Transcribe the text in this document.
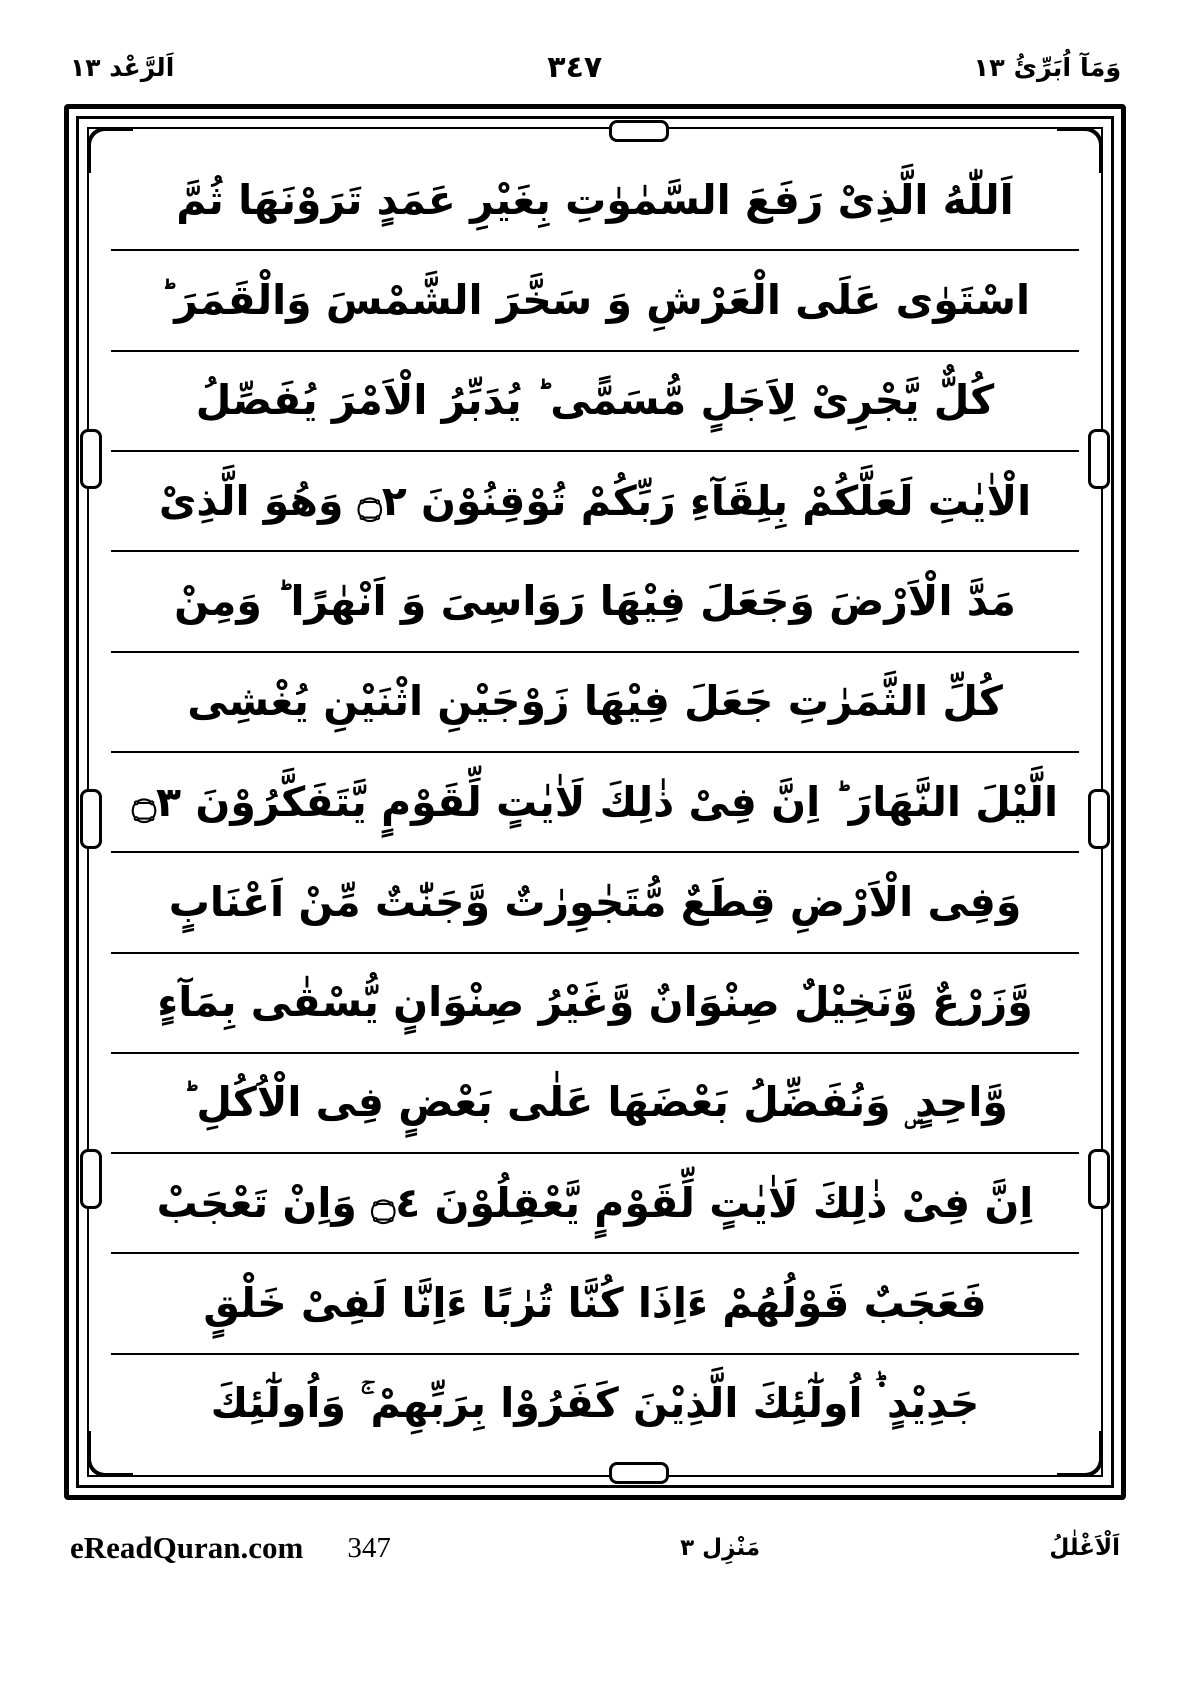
وَمَآ اُبَرِّئُ ١٣
٣٤٧
اَلرَّعْد ١٣
اَللّٰهُ الَّذِىْ رَفَعَ السَّمٰوٰتِ بِغَيْرِ عَمَدٍ تَرَوْنَهَا ثُمَّ
اسْتَوٰى عَلَى الْعَرْشِ وَ سَخَّرَ الشَّمْسَ وَالْقَمَرَ ؕ
كُلٌّ يَّجْرِىْ لِاَجَلٍ مُّسَمًّى ؕ يُدَبِّرُ الْاَمْرَ يُفَصِّلُ
الْاٰيٰتِ لَعَلَّكُمْ بِلِقَآءِ رَبِّكُمْ تُوْقِنُوْنَ ۝٢ وَهُوَ الَّذِىْ
مَدَّ الْاَرْضَ وَجَعَلَ فِيْهَا رَوَاسِىَ وَ اَنْهٰرًا ؕ وَمِنْ
كُلِّ الثَّمَرٰتِ جَعَلَ فِيْهَا زَوْجَيْنِ اثْنَيْنِ يُغْشِى
الَّيْلَ النَّهَارَ ؕ اِنَّ فِىْ ذٰلِكَ لَاٰيٰتٍ لِّقَوْمٍ يَّتَفَكَّرُوْنَ ۝٣
وَفِى الْاَرْضِ قِطَعٌ مُّتَجٰوِرٰتٌ وَّجَنّٰتٌ مِّنْ اَعْنَابٍ
وَّزَرْعٌ وَّنَخِيْلٌ صِنْوَانٌ وَّغَيْرُ صِنْوَانٍ يُّسْقٰى بِمَآءٍ
وَّاحِدٍ ۣ وَنُفَضِّلُ بَعْضَهَا عَلٰى بَعْضٍ فِى الْاُكُلِ ؕ
اِنَّ فِىْ ذٰلِكَ لَاٰيٰتٍ لِّقَوْمٍ يَّعْقِلُوْنَ ۝٤ وَاِنْ تَعْجَبْ
فَعَجَبٌ قَوْلُهُمْ ءَاِذَا كُنَّا تُرٰبًا ءَاِنَّا لَفِىْ خَلْقٍ
جَدِيْدٍ ۬ؕ اُولٰٓئِكَ الَّذِيْنَ كَفَرُوْا بِرَبِّهِمْ ۚ وَاُولٰٓئِكَ
اَلْاَغْلٰلُ
مَنْزِل ٣
eReadQuran.com 347
